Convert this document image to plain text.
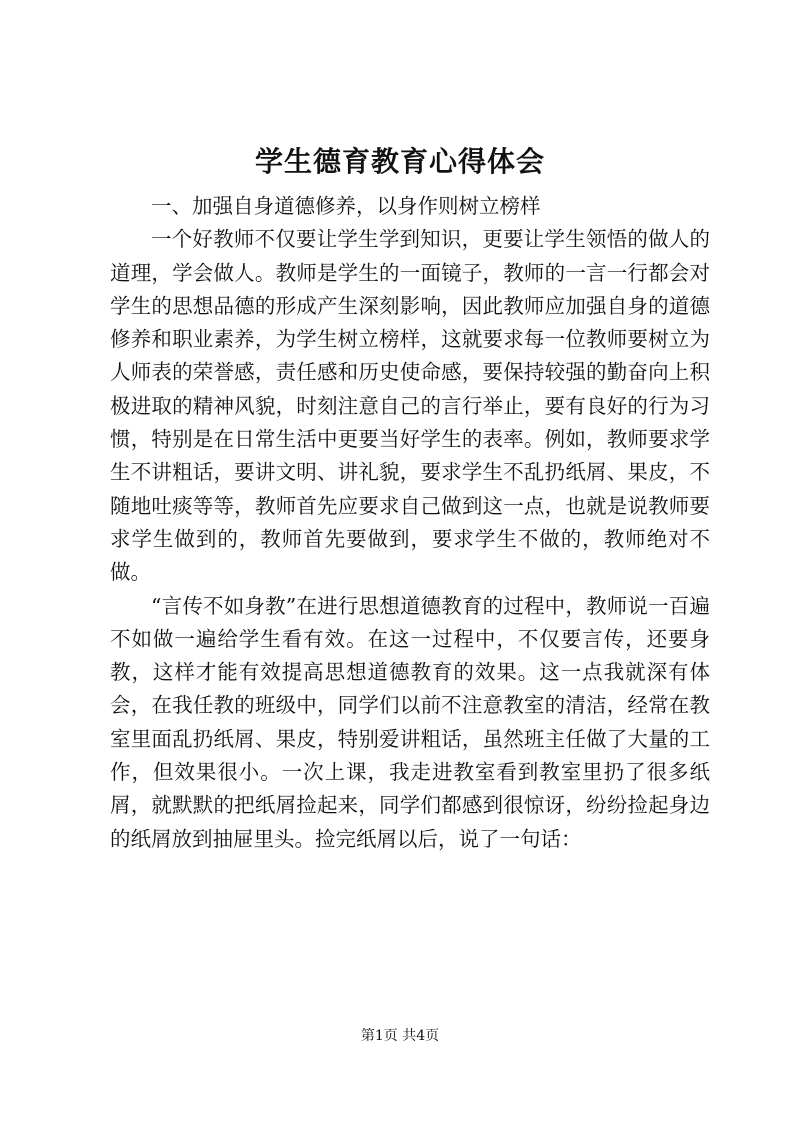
学生德育教育心得体会

一、加强自身道德修养，以身作则树立榜样

一个好教师不仅要让学生学到知识，更要让学生领悟的做人的道理，学会做人。教师是学生的一面镜子，教师的一言一行都会对学生的思想品德的形成产生深刻影响，因此教师应加强自身的道德修养和职业素养，为学生树立榜样，这就要求每一位教师要树立为人师表的荣誉感，责任感和历史使命感，要保持较强的勤奋向上积极进取的精神风貌，时刻注意自己的言行举止，要有良好的行为习惯，特别是在日常生活中更要当好学生的表率。例如，教师要求学生不讲粗话，要讲文明、讲礼貌，要求学生不乱扔纸屑、果皮，不随地吐痰等等，教师首先应要求自己做到这一点，也就是说教师要求学生做到的，教师首先要做到，要求学生不做的，教师绝对不做。

“言传不如身教”在进行思想道德教育的过程中，教师说一百遍不如做一遍给学生看有效。在这一过程中，不仅要言传，还要身教，这样才能有效提高思想道德教育的效果。这一点我就深有体会，在我任教的班级中，同学们以前不注意教室的清洁，经常在教室里面乱扔纸屑、果皮，特别爱讲粗话，虽然班主任做了大量的工作，但效果很小。一次上课，我走进教室看到教室里扔了很多纸屑，就默默的把纸屑捡起来，同学们都感到很惊讶，纷纷捡起身边的纸屑放到抽屉里头。捡完纸屑以后，说了一句话：

第1页 共4页
